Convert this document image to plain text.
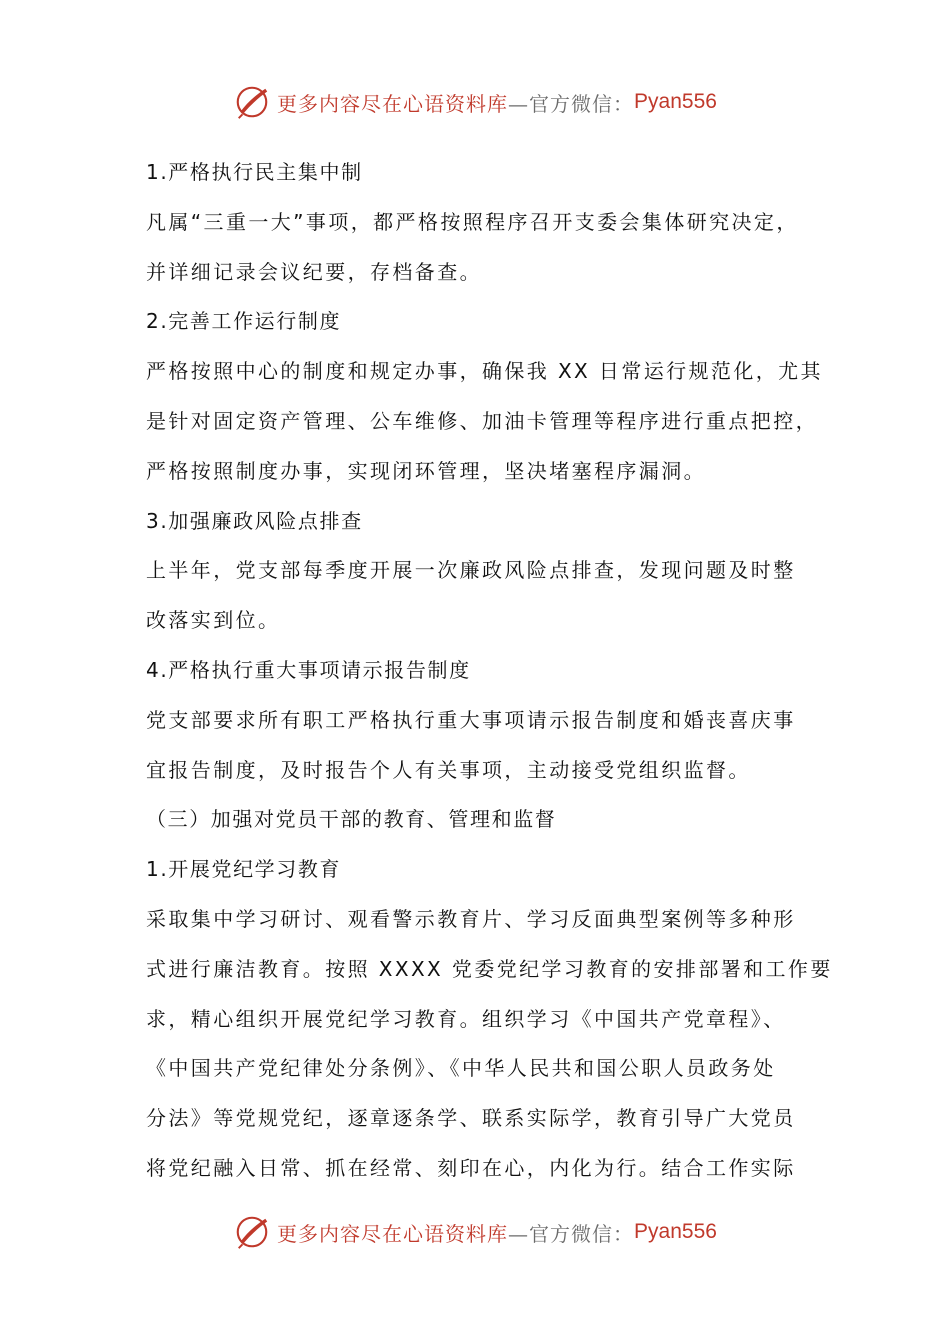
更多内容尽在心语资料库 —官方微信： Pyan556
1.严格执行民主集中制
凡属“三重一大”事项，都严格按照程序召开支委会集体研究决定，
并详细记录会议纪要，存档备查。
2.完善工作运行制度
严格按照中心的制度和规定办事，确保我 XX 日常运行规范化，尤其
是针对固定资产管理、公车维修、加油卡管理等程序进行重点把控，
严格按照制度办事，实现闭环管理，坚决堵塞程序漏洞。
3.加强廉政风险点排查
上半年，党支部每季度开展一次廉政风险点排查，发现问题及时整
改落实到位。
4.严格执行重大事项请示报告制度
党支部要求所有职工严格执行重大事项请示报告制度和婚丧喜庆事
宜报告制度，及时报告个人有关事项，主动接受党组织监督。
（三）加强对党员干部的教育、管理和监督
1.开展党纪学习教育
采取集中学习研讨、观看警示教育片、学习反面典型案例等多种形
式进行廉洁教育。按照 XXXX 党委党纪学习教育的安排部署和工作要
求，精心组织开展党纪学习教育。组织学习《中国共产党章程》、
《中国共产党纪律处分条例》、《中华人民共和国公职人员政务处
分法》等党规党纪，逐章逐条学、联系实际学，教育引导广大党员
将党纪融入日常、抓在经常、刻印在心，内化为行。结合工作实际
更多内容尽在心语资料库 —官方微信： Pyan556
